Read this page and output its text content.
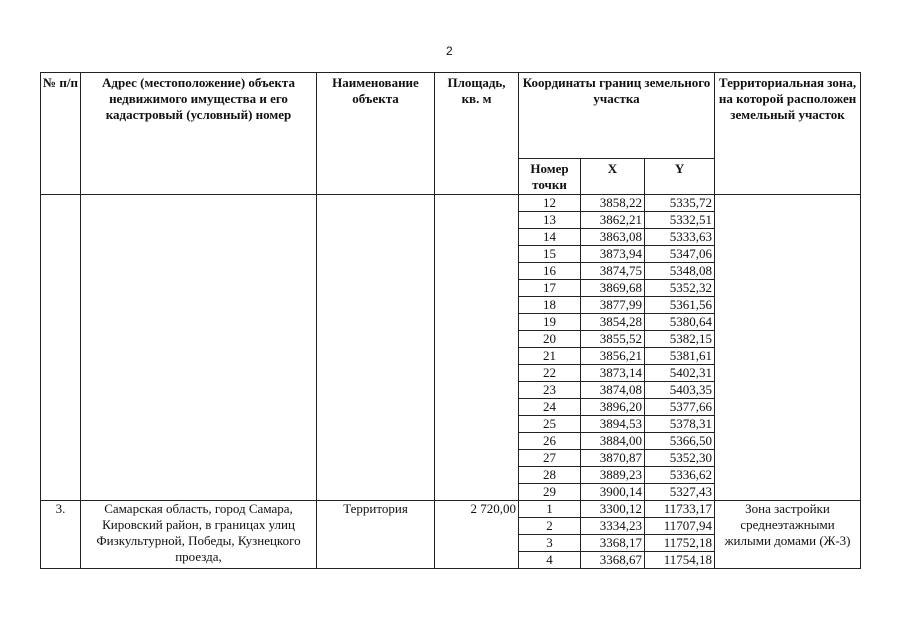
2
№ п/п	Адрес (местоположение) объекта недвижимого имущества и его кадастровый (условный) номер	Наименование объекта	Площадь, кв. м	Координаты границ земельного участка			Территориальная зона, на которой расположен земельный участок
				Номер точки	X	Y	
				12	3858,22	5335,72	
				13	3862,21	5332,51	
				14	3863,08	5333,63	
				15	3873,94	5347,06	
				16	3874,75	5348,08	
				17	3869,68	5352,32	
				18	3877,99	5361,56	
				19	3854,28	5380,64	
				20	3855,52	5382,15	
				21	3856,21	5381,61	
				22	3873,14	5402,31	
				23	3874,08	5403,35	
				24	3896,20	5377,66	
				25	3894,53	5378,31	
				26	3884,00	5366,50	
				27	3870,87	5352,30	
				28	3889,23	5336,62	
				29	3900,14	5327,43	
3.	Самарская область, город Самара, Кировский район, в границах улиц Физкультурной, Победы, Кузнецкого проезда,	Территория	2 720,00	1	3300,12	11733,17	Зона застройки среднеэтажными жилыми домами (Ж-3)
				2	3334,23	11707,94	
				3	3368,17	11752,18	
				4	3368,67	11754,18	
